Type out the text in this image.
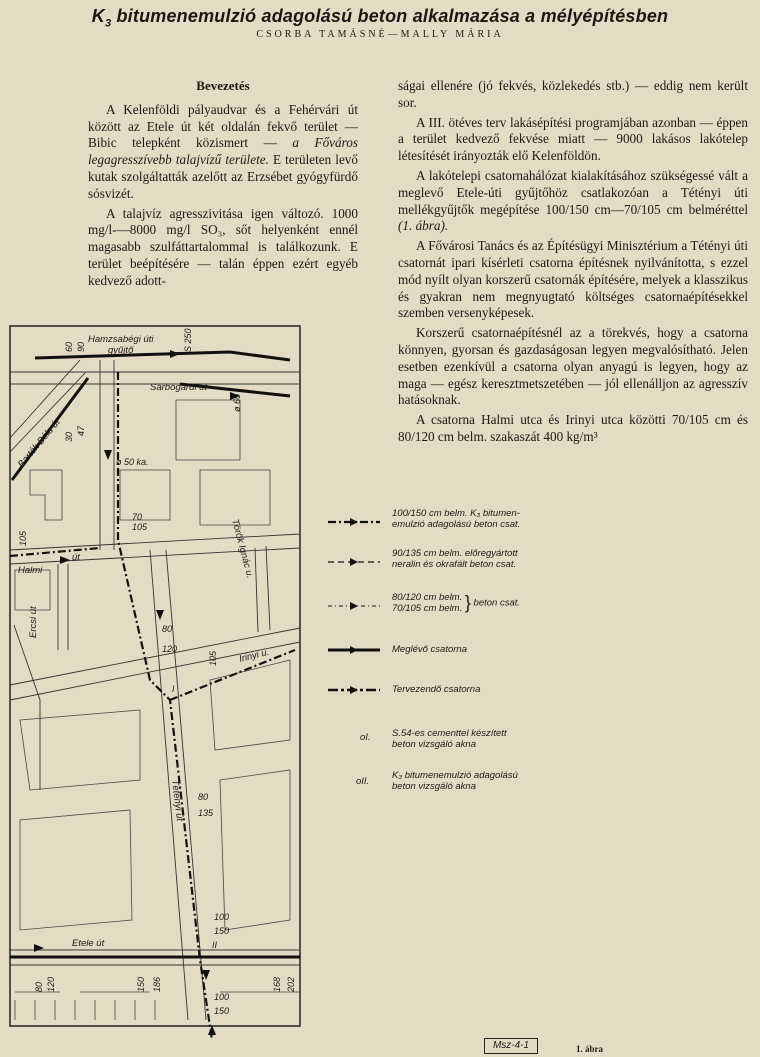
$K_3$ bitumenemulzió adagolású beton alkalmazása a mélyépítésben
CSORBA TAMÁSNÉ—MALLY MÁRIA
Bevezetés

A Kelenföldi pályaudvar és a Fehérvári út között az Etele út két oldalán fekvő terület — Bibic telepként közismert — a Főváros legagresszívebb talajvízű területe. E területen levő kutak szolgáltatták azelőtt az Erzsébet gyógyfürdő sósvizét.

A talajvíz agresszivitása igen változó. 1000 mg/l-—8000 mg/l SO₃, sőt helyenként ennél magasabb szulfáttartalommal is találkozunk. E terület beépítésére — talán éppen ezért egyéb kedvező adott-

ságai ellenére (jó fekvés, közlekedés stb.) — eddig nem került sor.

A III. ötéves terv lakásépítési programjában azonban — éppen a terület kedvező fekvése miatt — 9000 lakásos lakótelep létesítését irányozták elő Kelenföldön.

A lakótelepi csatornahálózat kialakításához szükségessé vált a meglevő Etele-úti gyűjtőhöz csatlakozóan a Tétényi úti mellékgyűjtők megépítése 100/150 cm—70/105 cm belméréttel (1. ábra).

A Fővárosi Tanács és az Építésügyi Minisztérium a Tétényi úti csatornát ipari kísérleti csatorna építésnek nyilvánította, s ezzel mód nyílt olyan korszerű csatornák építésére, melyek a klasszikus és gyakran nem megnyugtató költséges csatornaépítésekkel szemben versenyképesek.

Korszerű csatornaépítésnél az a törekvés, hogy a csatorna könnyen, gyorsan és gazdaságosan legyen megvalósítható. Jelen esetben ezenkívül a csatorna olyan anyagú is legyen, hogy az maga — egész keresztmetszetében — jól ellenálljon az agresszív hatásoknak.

A csatorna Halmi utca és Irinyi utca közötti 70/105 cm és 80/120 cm belm. szakaszát 400 kg/m³

Hamzsabégi úti
gyűjtő
Sárbogárdi út
Bartók Béla út
Halmi
út
Ercsi út
Török Ignác u.
Irinyi u.
Tétényi út
Etele út
S 250
60 90
ø 60
ø 50 ka.
30
47
105
70
105
80
120
105
I
80
135
100
150
II
80 120	150 186	168 202
100
150
100/150 cm belm. K₃ bitumen-
emulzió adagolású beton csat.
90/135 cm belm. előregyártott
neralin és okrafált beton csat.
80/120 cm belm.
70/105 cm belm. } beton csat.
Meglévő csatorna
Tervezendő csatorna
oI. S.54-es cementtel készített
beton vizsgáló akna
oII.
K₃ bitumenemulzió adagolású
beton vizsgáló akna
Msz-4-1	1. ábra
